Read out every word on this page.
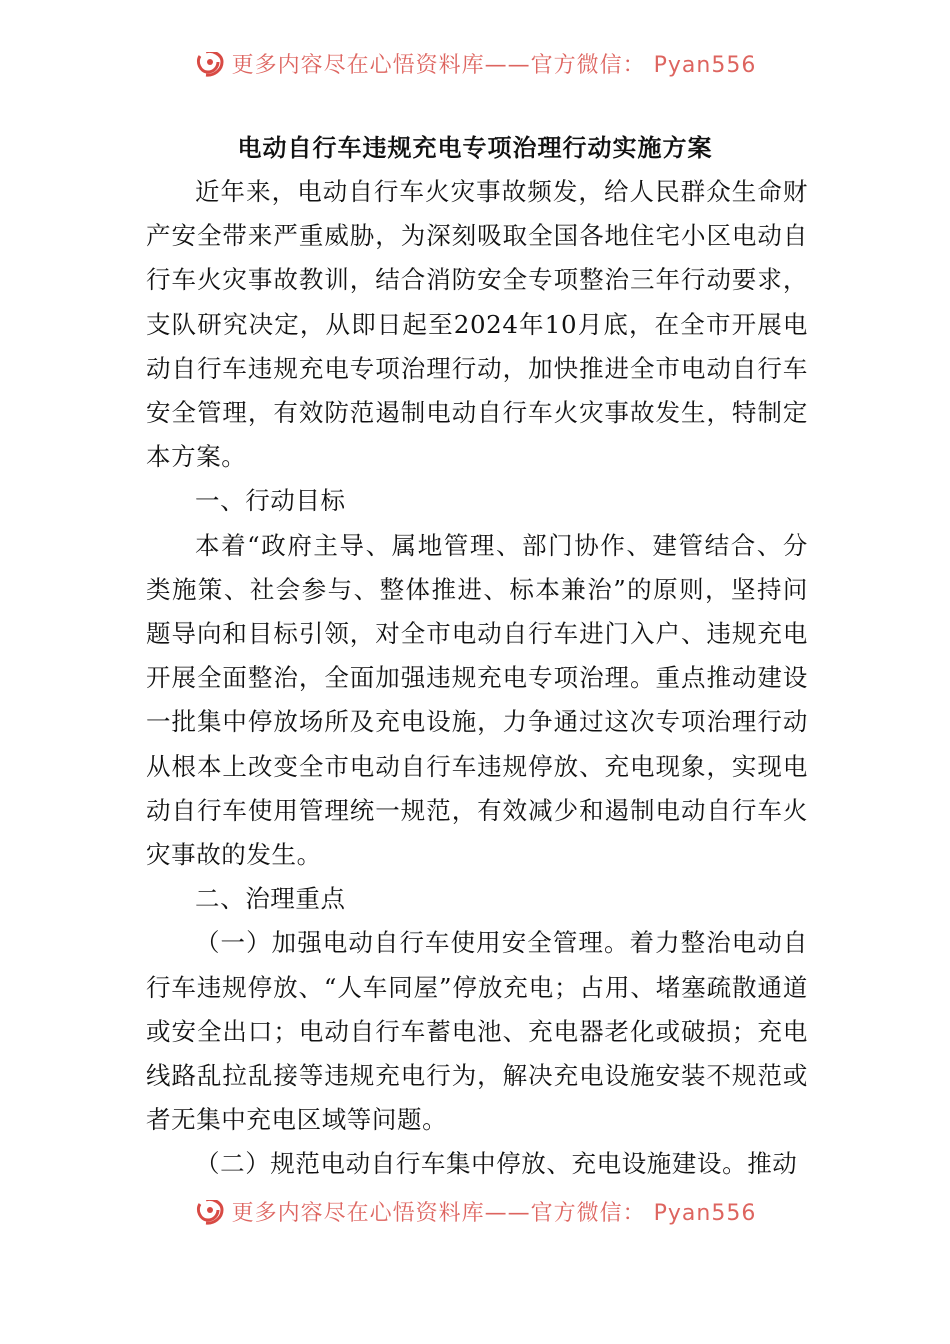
更多内容尽在心悟资料库——官方微信： Pyan556
电动自行车违规充电专项治理行动实施方案

近年来，电动自行车火灾事故频发，给人民群众生命财产安全带来严重威胁，为深刻吸取全国各地住宅小区电动自行车火灾事故教训，结合消防安全专项整治三年行动要求，支队研究决定，从即日起至2024年10月底，在全市开展电动自行车违规充电专项治理行动，加快推进全市电动自行车安全管理，有效防范遏制电动自行车火灾事故发生，特制定本方案。

一、行动目标

本着“政府主导、属地管理、部门协作、建管结合、分类施策、社会参与、整体推进、标本兼治”的原则，坚持问题导向和目标引领，对全市电动自行车进门入户、违规充电开展全面整治，全面加强违规充电专项治理。重点推动建设一批集中停放场所及充电设施，力争通过这次专项治理行动从根本上改变全市电动自行车违规停放、充电现象，实现电动自行车使用管理统一规范，有效减少和遏制电动自行车火灾事故的发生。

二、治理重点

（一）加强电动自行车使用安全管理。着力整治电动自行车违规停放、“人车同屋”停放充电；占用、堵塞疏散通道或安全出口；电动自行车蓄电池、充电器老化或破损；充电线路乱拉乱接等违规充电行为，解决充电设施安装不规范或者无集中充电区域等问题。

（二）规范电动自行车集中停放、充电设施建设。推动

更多内容尽在心悟资料库——官方微信： Pyan556
